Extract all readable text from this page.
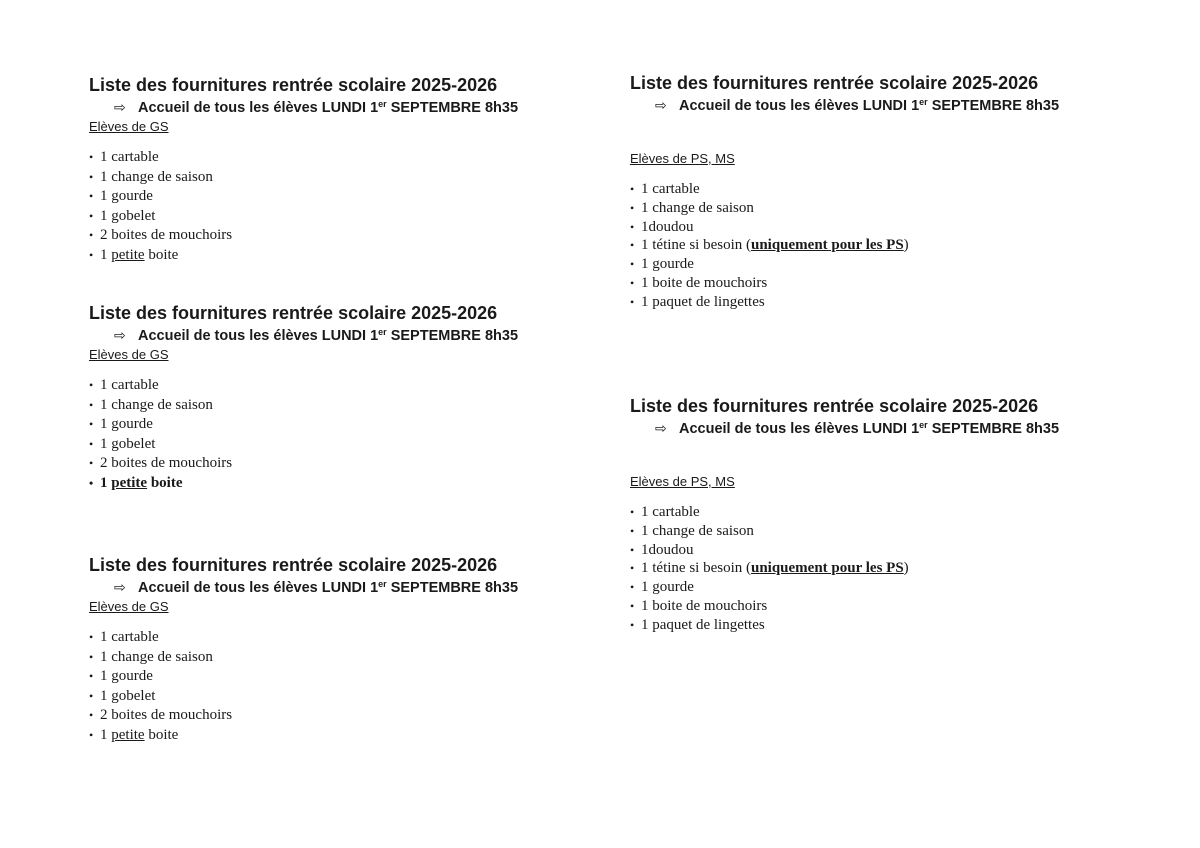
Liste des fournitures rentrée scolaire 2025-2026

⇨ Accueil de tous les élèves LUNDI 1er SEPTEMBRE 8h35

Elèves de GS

• 1 cartable
• 1 change de saison
• 1 gourde
• 1 gobelet
• 2 boites de mouchoirs
• 1 petite boite

Liste des fournitures rentrée scolaire 2025-2026

⇨ Accueil de tous les élèves LUNDI 1er SEPTEMBRE 8h35

Elèves de GS

• 1 cartable
• 1 change de saison
• 1 gourde
• 1 gobelet
• 2 boites de mouchoirs
• 1 petite boite

Liste des fournitures rentrée scolaire 2025-2026

⇨ Accueil de tous les élèves LUNDI 1er SEPTEMBRE 8h35

Elèves de GS

• 1 cartable
• 1 change de saison
• 1 gourde
• 1 gobelet
• 2 boites de mouchoirs
• 1 petite boite

Liste des fournitures rentrée scolaire 2025-2026

⇨ Accueil de tous les élèves LUNDI 1er SEPTEMBRE 8h35

Elèves de PS, MS

• 1 cartable
• 1 change de saison
• 1doudou
• 1 tétine si besoin (uniquement pour les PS)
• 1 gourde
• 1 boite de mouchoirs
• 1 paquet de lingettes

Liste des fournitures rentrée scolaire 2025-2026

⇨ Accueil de tous les élèves LUNDI 1er SEPTEMBRE 8h35

Elèves de PS, MS

• 1 cartable
• 1 change de saison
• 1doudou
• 1 tétine si besoin (uniquement pour les PS)
• 1 gourde
• 1 boite de mouchoirs
• 1 paquet de lingettes
